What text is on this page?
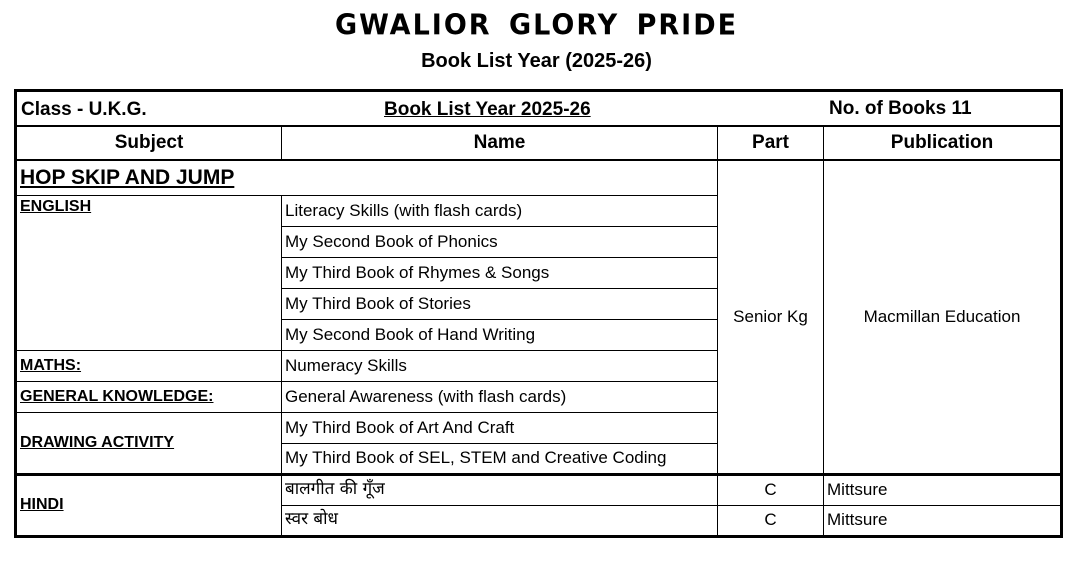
GWALIOR GLORY PRIDE
Book List Year (2025-26)
Class - U.K.G. Book List Year 2025-26 No. of Books 11			

Subject	Name	Part	Publication
HOP SKIP AND JUMP		Senior Kg	Macmillan Education
ENGLISH	Literacy Skills (with flash cards)		
	My Second Book of Phonics		
	My Third Book of Rhymes & Songs		
	My Third Book of Stories		
	My Second Book of Hand Writing		
MATHS:	Numeracy Skills		
GENERAL KNOWLEDGE:	General Awareness (with flash cards)		
DRAWING ACTIVITY	My Third Book of Art And Craft		
	My Third Book of SEL, STEM and Creative Coding		
HINDI	बालगीत की गूँज	C	Mittsure
	स्वर बोध	C	Mittsure
